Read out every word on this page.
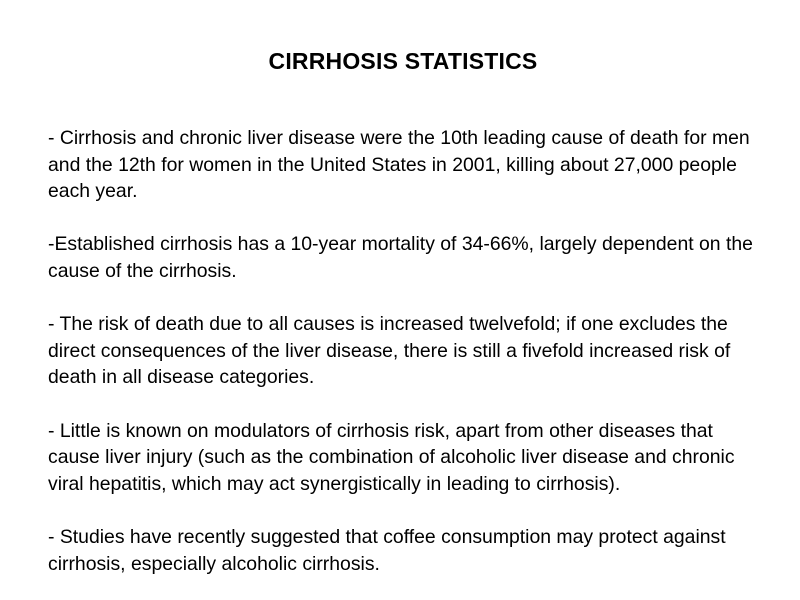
CIRRHOSIS STATISTICS

- Cirrhosis and chronic liver disease were the 10th leading cause of death for men and the 12th for women in the United States in 2001, killing about 27,000 people each year.

-Established cirrhosis has a 10-year mortality of 34-66%, largely dependent on the cause of the cirrhosis.

- The risk of death due to all causes is increased twelvefold; if one excludes the direct consequences of the liver disease, there is still a fivefold increased risk of death in all disease categories.

- Little is known on modulators of cirrhosis risk, apart from other diseases that cause liver injury (such as the combination of alcoholic liver disease and chronic viral hepatitis, which may act synergistically in leading to cirrhosis).

- Studies have recently suggested that coffee consumption may protect against cirrhosis, especially alcoholic cirrhosis.
